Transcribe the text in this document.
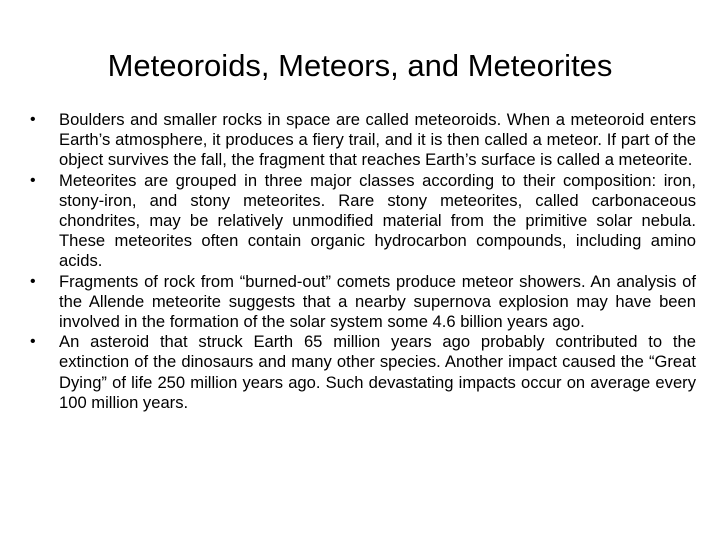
Meteoroids, Meteors, and Meteorites
• Boulders and smaller rocks in space are called meteoroids. When a meteoroid enters Earth’s atmosphere, it produces a fiery trail, and it is then called a meteor. If part of the object survives the fall, the fragment that reaches Earth’s surface is called a meteorite.
• Meteorites are grouped in three major classes according to their composition: iron, stony-iron, and stony meteorites. Rare stony meteorites, called carbonaceous chondrites, may be relatively unmodified material from the primitive solar nebula. These meteorites often contain organic hydrocarbon compounds, including amino acids.
• Fragments of rock from “burned-out” comets produce meteor showers. An analysis of the Allende meteorite suggests that a nearby supernova explosion may have been involved in the formation of the solar system some 4.6 billion years ago.
• An asteroid that struck Earth 65 million years ago probably contributed to the extinction of the dinosaurs and many other species. Another impact caused the “Great Dying” of life 250 million years ago. Such devastating impacts occur on average every 100 million years.
